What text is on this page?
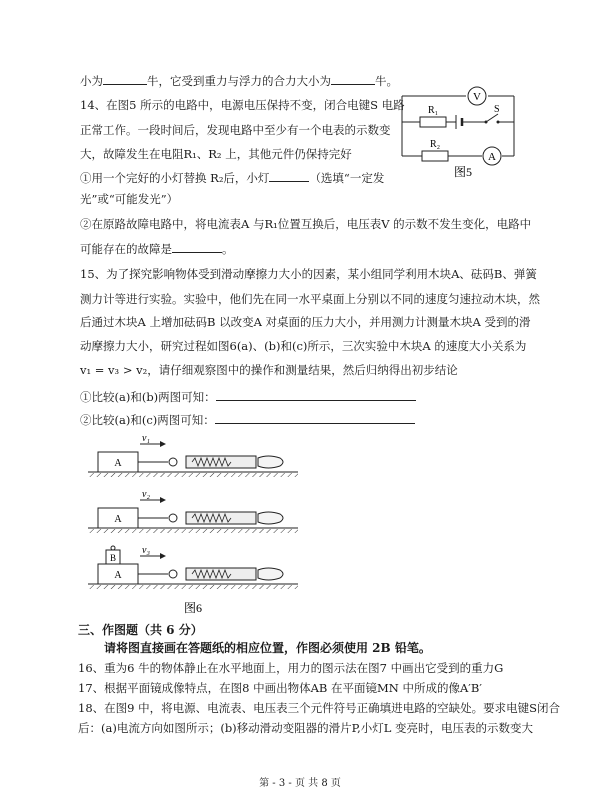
小为	牛，它受到重力与浮力的合力大小为	牛。
14、在图5 所示的电路中，电源电压保持不变，闭合电键S 电路
正常工作。一段时间后，发现电路中至少有一个电表的示数变
大，故障发生在电阻R₁、R₂ 上，其他元件仍保持完好
①用一个完好的小灯替换 R₂后，小灯	（选填“一定发
光”或“可能发光”）
②在原路故障电路中，将电流表A 与R₁位置互换后，电压表V 的示数不发生变化，电路中
可能存在的故障是	。
15、为了探究影响物体受到滑动摩擦力大小的因素，某小组同学利用木块A、砝码B、弹簧
测力计等进行实验。实验中，他们先在同一水平桌面上分别以不同的速度匀速拉动木块，然
后通过木块A 上增加砝码B 以改变A 对桌面的压力大小，并用测力计测量木块A 受到的滑
动摩擦力大小，研究过程如图6(a)、(b)和(c)所示，三次实验中木块A 的速度大小关系为
v₁ = v₃ > v₂，请仔细观察图中的操作和测量结果，然后归纳得出初步结论
①比较(a)和(b)两图可知：
②比较(a)和(c)两图可知：
三、作图题（共 6 分）
请将图直接画在答题纸的相应位置，作图必须使用 2B 铅笔。
16、重为6 牛的物体静止在水平地面上，用力的图示法在图7 中画出它受到的重力G
17、根据平面镜成像特点，在图8 中画出物体AB 在平面镜MN 中所成的像A′B′
18、在图9 中，将电源、电流表、电压表三个元件符号正确填进电路的空缺处。要求电键S闭合
后：(a)电流方向如图所示；(b)移动滑动变阻器的滑片P,小灯L 变亮时，电压表的示数变大
V
R₁	S
R₂
A
图5
A
v₁
A
v₂
A
B
v₃
图6
第 - 3 - 页 共 8 页
